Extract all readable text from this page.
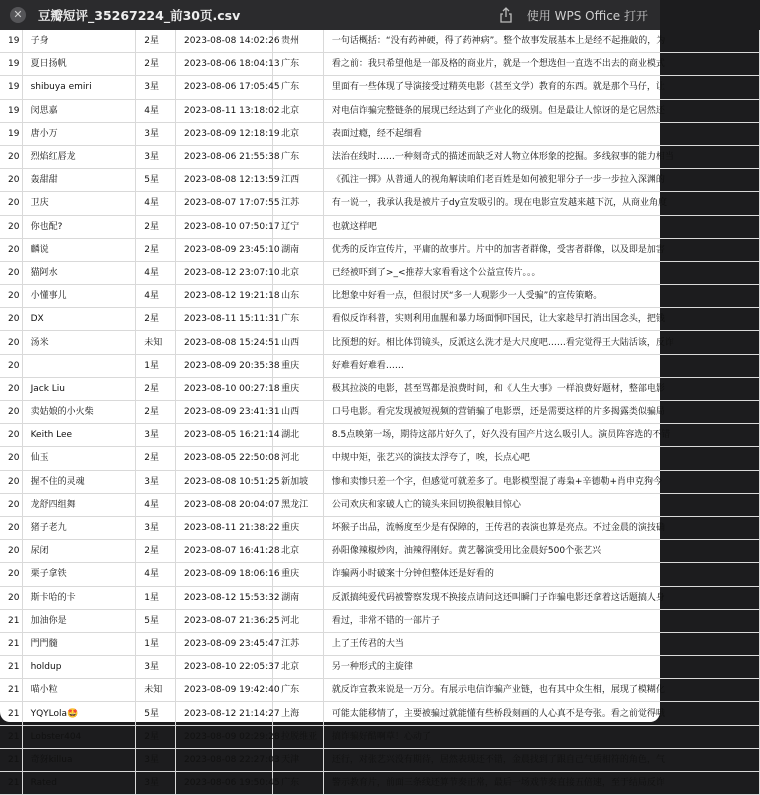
✕ 豆瓣短评_35267224_前30页.csv	使用 WPS Office 打开
19	子身	2星	2023-08-08 14:02:26	贵州	一句话概括：“没有药神硬，得了药神病”。整个故事发展基本上是经不起推敲的，为
19	夏日扬帆	2星	2023-08-06 18:04:13	广东	看之前：我只希望他是一部及格的商业片，就是一个想选但一直选不出去的商业模式
19	shibuya emiri	3星	2023-08-06 17:05:45	广东	里面有一些体现了导演接受过精英电影（甚至文学）教育的东西。就是那个马仔，让
19	闵思嘉	4星	2023-08-11 13:18:02	北京	对电信诈骗完整链条的展现已经达到了产业化的级别。但是最让人惊讶的是它居然还
19	唐小万	3星	2023-08-09 12:18:19	北京	表面过瘾，经不起细看
20	烈焰红唇龙	3星	2023-08-06 21:55:38	广东	法治在线时……一种刻奇式的描述而缺乏对人物立体形象的挖掘。多线叙事的能力相当
20	轰甜甜	5星	2023-08-08 12:13:59	江西	《孤注一掷》从普通人的视角解读咱们老百姓是如何被犯罪分子一步一步拉入深渊的
20	卫庆	4星	2023-08-07 17:07:55	江苏	有一说一，我承认我是被片子dy宣发吸引的。现在电影宣发越来越下沉，从商业角度
20	你也配?	2星	2023-08-10 07:50:17	辽宁	也就这样吧
20	麟说	2星	2023-08-09 23:45:10	湖南	优秀的反诈宣传片，平庸的故事片。片中的加害者群像，受害者群像，以及即是加害
20	猫阿水	4星	2023-08-12 23:07:10	北京	已经被吓到了>_<推荐大家看看这个公益宣传片。。。
20	小懂事儿	4星	2023-08-12 19:21:18	山东	比想象中好看一点，但很讨厌“多一人观影少一人受骗”的宣传策略。
20	DX	2星	2023-08-11 15:11:31	广东	看似反诈科普，实则利用血腥和暴力场面恫吓国民，让大家趁早打消出国念头，把钱
20	汤米	未知	2023-08-08 15:24:51	山西	比预想的好。相比体罚镜头，反派这么洗才是大尺度吧……看完觉得王大陆活该，反诈
20		1星	2023-08-09 20:35:38	重庆	好难看好难看……
20	Jack Liu	2星	2023-08-10 00:27:18	重庆	极其拉淡的电影，甚至骂都是浪费时间，和《人生大事》一样浪费好题材，整部电影
20	卖姑娘的小火柴	2星	2023-08-09 23:41:31	山西	口号电影。看完发现被短视频的营销骗了电影票，还是需要这样的片多揭露类似骗局
20	Keith Lee	3星	2023-08-05 16:21:14	湖北	8.5点映第一场，期待这部片好久了，好久没有国产片这么吸引人。演员阵容选的不错
20	仙玉	2星	2023-08-05 22:50:08	河北	中规中矩，张艺兴的演技太浮夸了，唉，长点心吧
20	握不住的灵魂	3星	2023-08-08 10:51:25	新加坡	惨和卖惨只差一个字，但感觉可就差多了。电影模型混了毒枭+辛德勒+肖申克狗今
20	龙舒四组舞	4星	2023-08-08 20:04:07	黑龙江	公司欢庆和家破人亡的镜头来回切换很触目惊心
20	猪子老九	3星	2023-08-11 21:38:22	重庆	坏猴子出品，流畅度至少是有保障的，王传君的表演也算是亮点。不过金晨的演技确
20	尿闭	2星	2023-08-07 16:41:28	北京	孙阳像辣椒炒肉，油辣得刚好。黄艺馨演受用比金晨好500个张艺兴
20	栗子拿铁	4星	2023-08-09 18:06:16	重庆	诈骗两小时破案十分钟但整体还是好看的
20	斯卡哈的卡	1星	2023-08-12 15:53:32	湖南	反派搞纯爱代码被警察发现不换接点请问这还叫瞬门子诈骗电影还拿着这话题搞人身
21	加油你是	5星	2023-08-07 21:36:25	河北	看过，非常不错的一部片子
21	門門髓	1星	2023-08-09 23:45:47	江苏	上了王传君的大当
21	holdup	3星	2023-08-10 22:05:37	北京	另一种形式的主旋律
21	喵小粒	未知	2023-08-09 19:42:40	广东	就反诈宣教来说是一万分。有展示电信诈骗产业链，也有其中众生相，展现了模糊化
21	YQYLola🤩	5星	2023-08-12 21:14:27	上海	可能太能移情了，主要被骗过就能懂有些桥段刻画的人心真不是夸张。看之前觉得哦
21	Lobster404	2星	2023-08-09 02:29:28	拉脱维亚	搞诈骗好酷啊草！心动了
21	奇犽killua	3星	2023-08-08 22:27:03	天津	还行，对张艺兴没有期待，居然表现还不错，金晨找到了跟自己气质相符的角色，气
21	Rated	3星	2023-08-06 19:50:45	广东	警示教育片，前面三条线还算节奏正常，最后一场戏节奏直接五倍速，至于结局反诈
